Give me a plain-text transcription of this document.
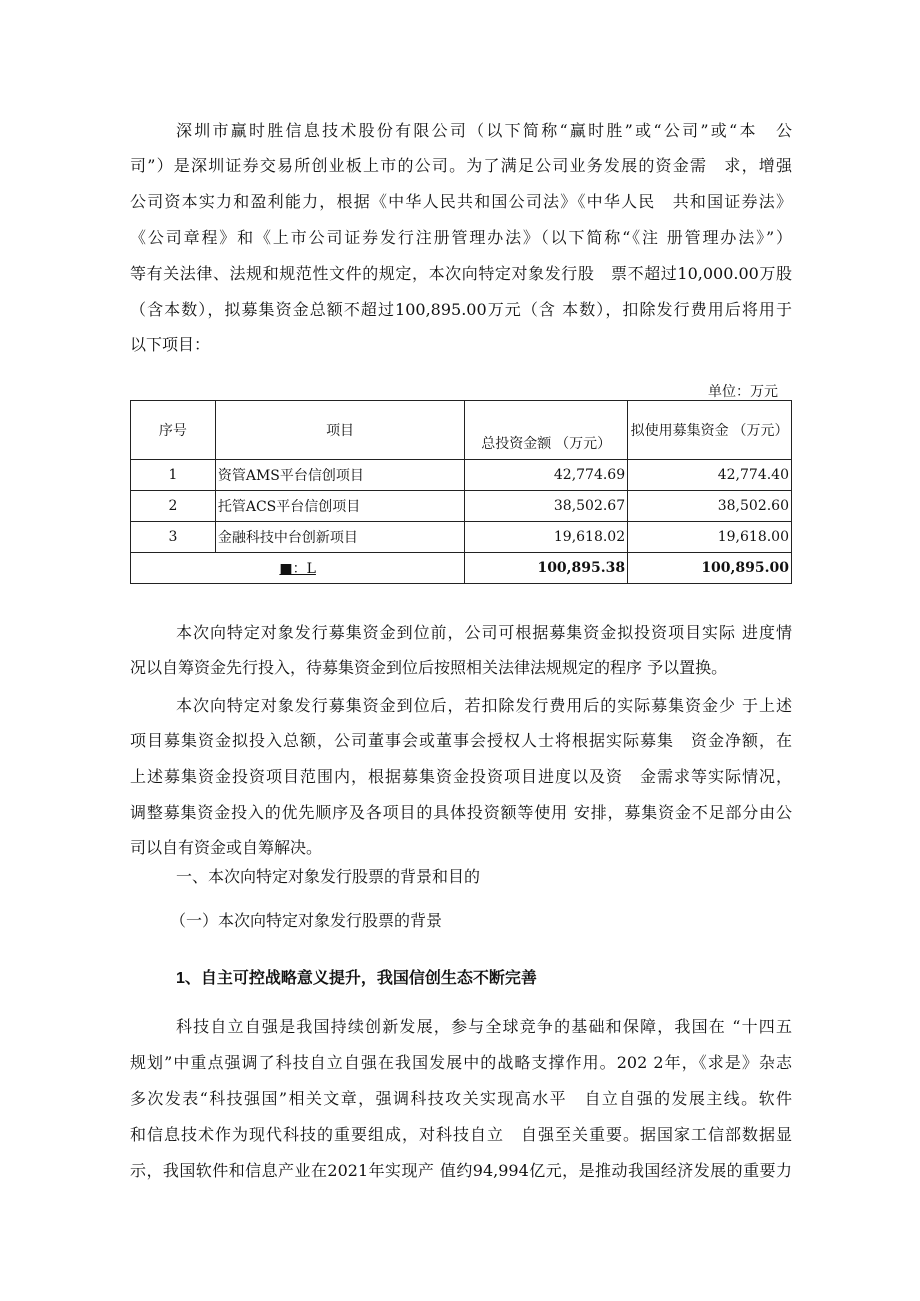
深圳市赢时胜信息技术股份有限公司（以下简称“赢时胜”或“公司”或“本　公
司”）是深圳证券交易所创业板上市的公司。为了满足公司业务发展的资金需　求，增强
公司资本实力和盈利能力，根据《中华人民共和国公司法》《中华人民　共和国证券法》
《公司章程》和《上市公司证券发行注册管理办法》（以下简称“《注 册管理办法》”）
等有关法律、法规和规范性文件的规定，本次向特定对象发行股　票不超过10,000.00万股
（含本数），拟募集资金总额不超过100,895.00万元（含 本数），扣除发行费用后将用于
以下项目：
单位：万元
序号	项目	总投资金额 （万元）	拟使用募集资金 （万元）
1	资管AMS平台信创项目	42,774.69	42,774.40
2	托管ACS平台信创项目	38,502.67	38,502.60
3	金融科技中台创新项目	19,618.02	19,618.00
■：L		100,895.38	100,895.00
本次向特定对象发行募集资金到位前，公司可根据募集资金拟投资项目实际 进度情
况以自筹资金先行投入，待募集资金到位后按照相关法律法规规定的程序 予以置换。
本次向特定对象发行募集资金到位后，若扣除发行费用后的实际募集资金少 于上述
项目募集资金拟投入总额，公司董事会或董事会授权人士将根据实际募集　资金净额，在
上述募集资金投资项目范围内，根据募集资金投资项目进度以及资　金需求等实际情况，
调整募集资金投入的优先顺序及各项目的具体投资额等使用 安排，募集资金不足部分由公
司以自有资金或自筹解决。
一、本次向特定对象发行股票的背景和目的
（一）本次向特定对象发行股票的背景
1、自主可控战略意义提升，我国信创生态不断完善
科技自立自强是我国持续创新发展，参与全球竞争的基础和保障，我国在 “十四五
规划”中重点强调了科技自立自强在我国发展中的战略支撑作用。202 2年，《求是》杂志
多次发表“科技强国”相关文章，强调科技攻关实现高水平　自立自强的发展主线。软件
和信息技术作为现代科技的重要组成，对科技自立　自强至关重要。据国家工信部数据显
示，我国软件和信息产业在2021年实现产 值约94,994亿元，是推动我国经济发展的重要力
